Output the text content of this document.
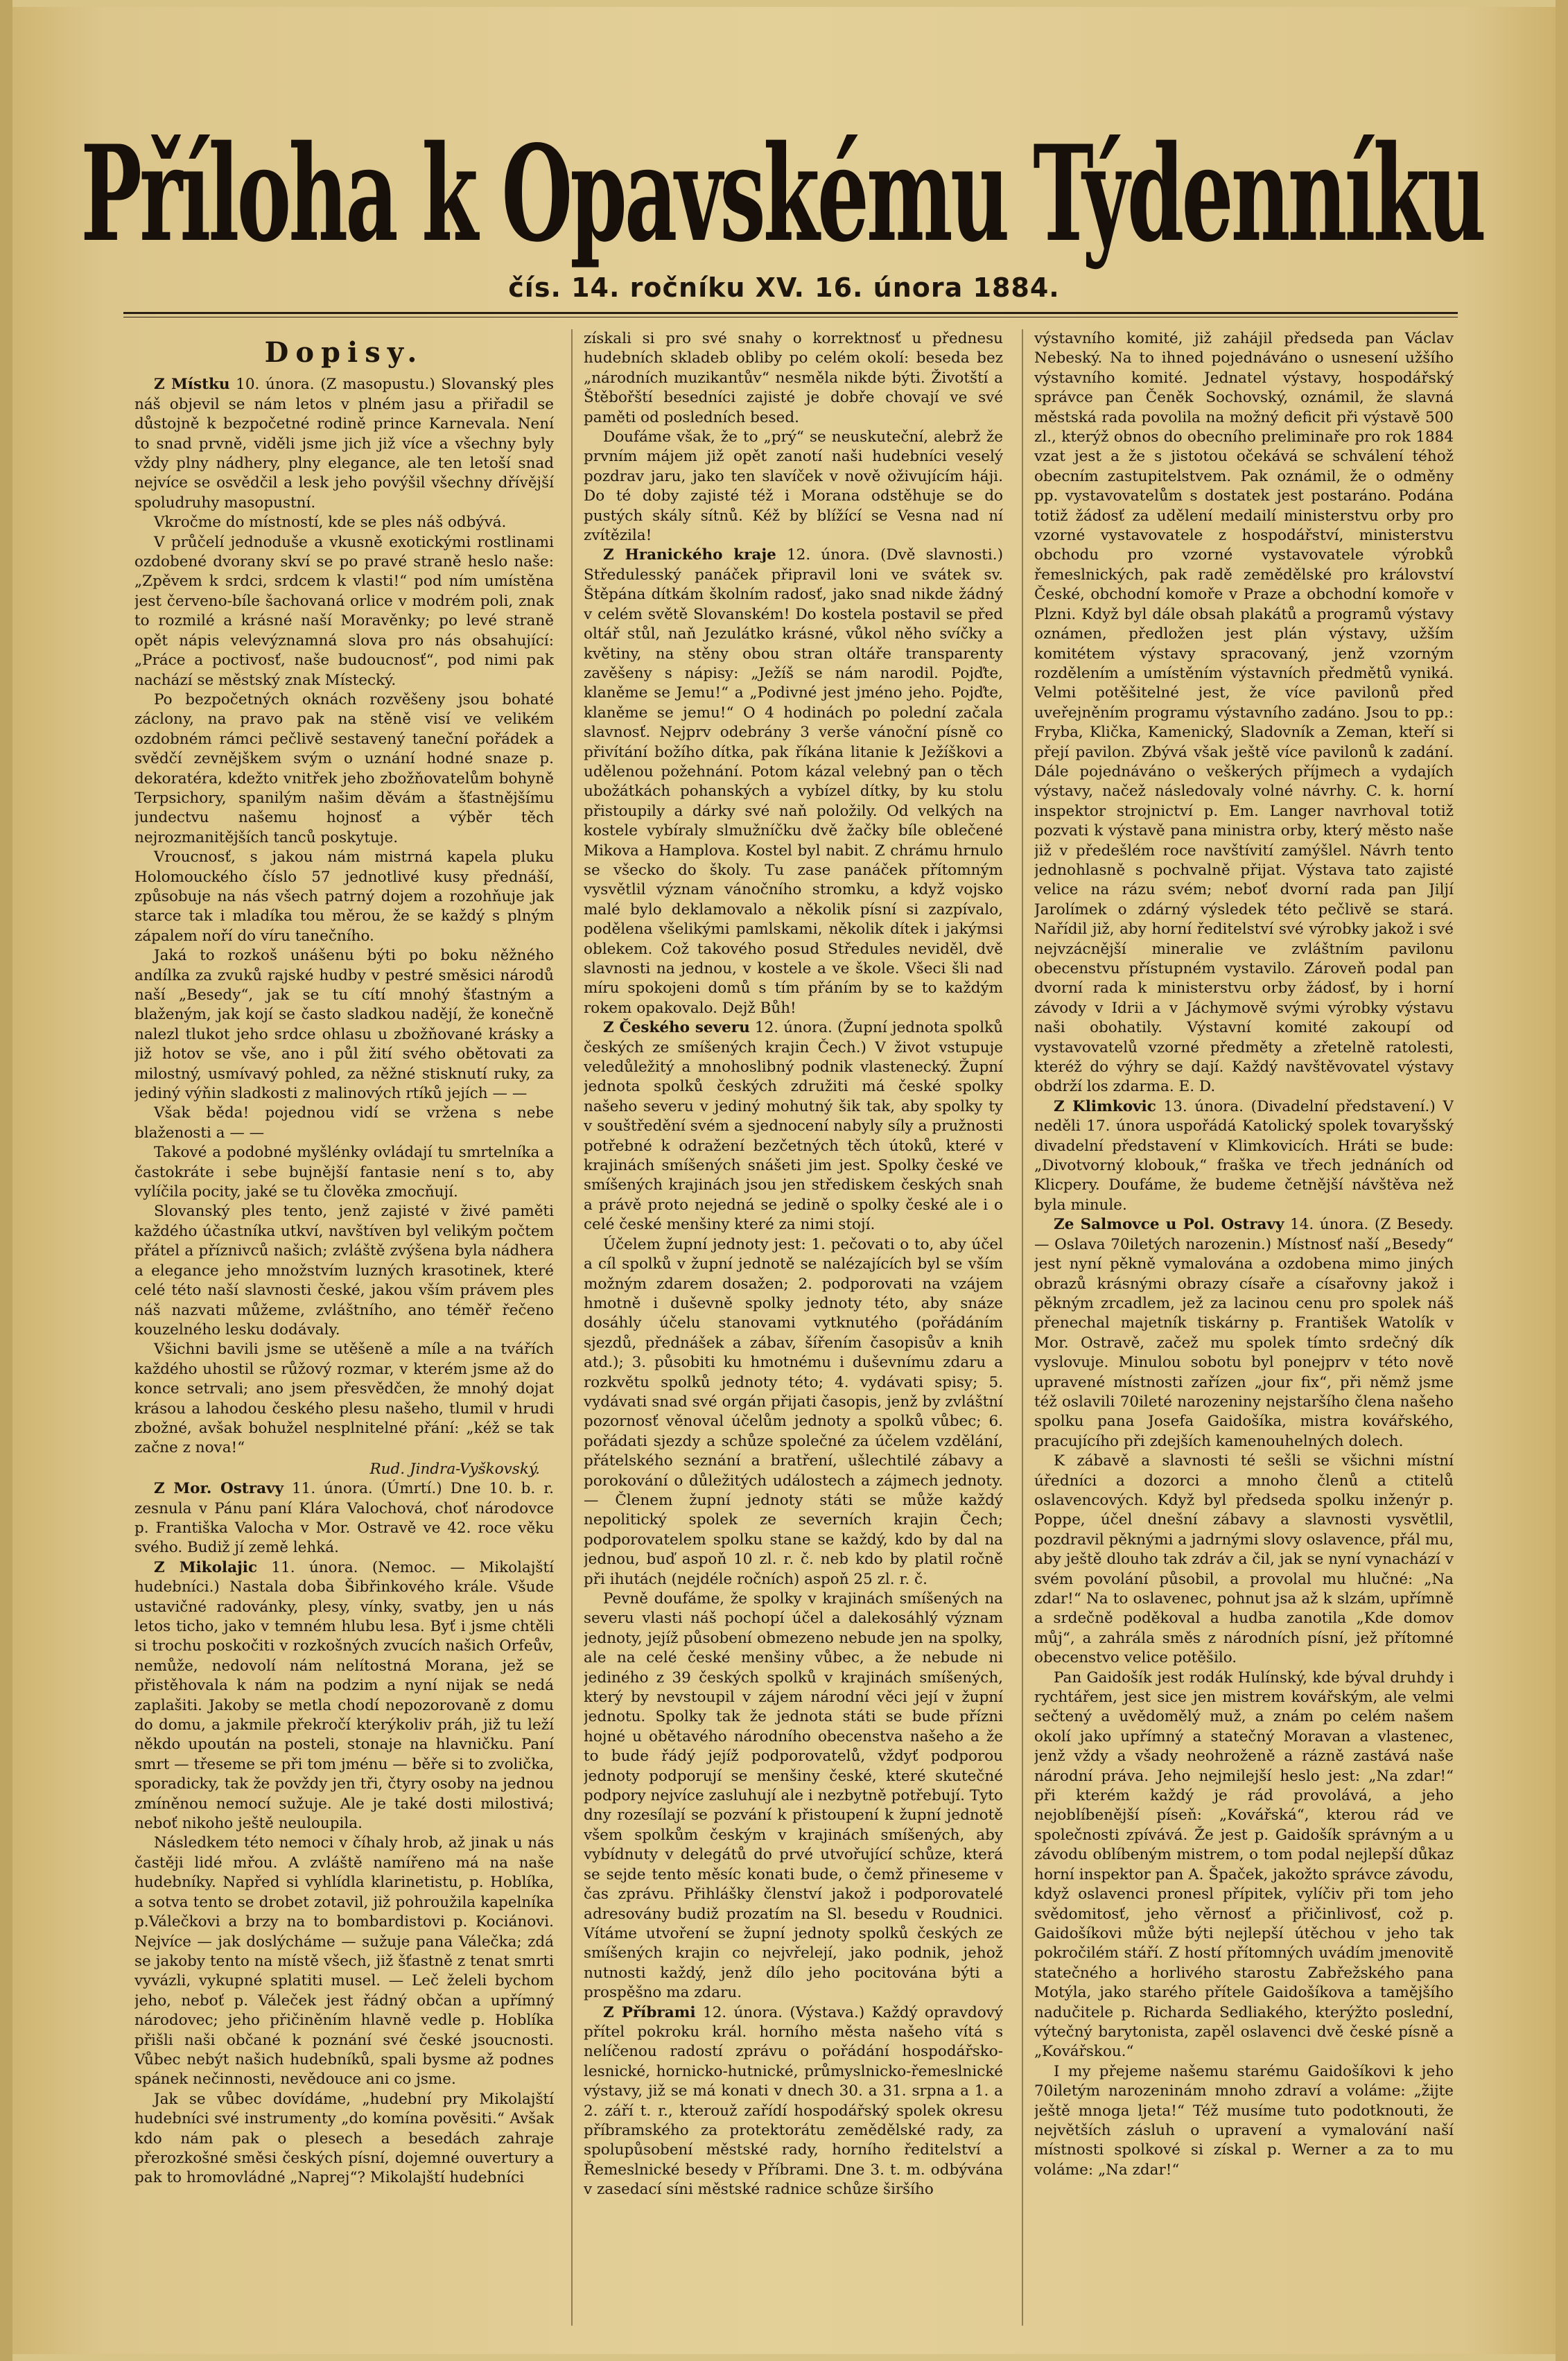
Příloha k Opavskému Týdenníku
čís. 14. ročníku XV. 16. února 1884.
Dopisy.

Z Místku 10. února. (Z masopustu.) Slovanský ples náš objevil se nám letos v plném jasu a přiřadil se důstojně k bezpočetné rodině prince Karnevala. Není to snad prvně, viděli jsme jich již více a všechny byly vždy plny nádhery, plny elegance, ale ten letoší snad nejvíce se osvědčil a lesk jeho povýšil všechny dřívější spoludruhy masopustní.

Vkročme do místností, kde se ples náš odbývá.

V průčelí jednoduše a vkusně exotickými rostlinami ozdobené dvorany skví se po pravé straně heslo naše: „Zpěvem k srdci, srdcem k vlasti!“ pod ním umístěna jest červeno-bíle šachovaná orlice v modrém poli, znak to rozmilé a krásné naší Moravěnky; po levé straně opět nápis velevýznamná slova pro nás obsahující: „Práce a poctivosť, naše budoucnosť“, pod nimi pak nachází se městský znak Místecký.

Po bezpočetných oknách rozvěšeny jsou bohaté záclony, na pravo pak na stěně visí ve velikém ozdobném rámci pečlivě sestavený taneční pořádek a svědčí zevnějškem svým o uznání hodné snaze p. dekoratéra, kdežto vnitřek jeho zbožňovatelům bohyně Terpsichory, spanilým našim děvám a šťastnějšímu jundectvu našemu hojnosť a výběr těch nejrozmanitějších tanců poskytuje.

Vroucnosť, s jakou nám mistrná kapela pluku Holomouckého číslo 57 jednotlivé kusy přednáší, způsobuje na nás všech patrný dojem a rozohňuje jak starce tak i mladíka tou měrou, že se každý s plným zápalem noří do víru tanečního.

Jaká to rozkoš unášenu býti po boku něžného andílka za zvuků rajské hudby v pestré směsici národů naší „Besedy“, jak se tu cítí mnohý šťastným a blaženým, jak kojí se často sladkou nadějí, že konečně nalezl tlukot jeho srdce ohlasu u zbožňované krásky a již hotov se vše, ano i půl žití svého obětovati za milostný, usmívavý pohled, za něžné stisknutí ruky, za jediný výňin sladkosti z malinových rtíků jejích — —

Však běda! pojednou vidí se vržena s nebe blaženosti a — —

Takové a podobné myšlénky ovládají tu smrtelníka a častokráte i sebe bujnější fantasie není s to, aby vylíčila pocity, jaké se tu člověka zmocňují.

Slovanský ples tento, jenž zajisté v živé paměti každého účastníka utkví, navštíven byl velikým počtem přátel a příznivců našich; zvláště zvýšena byla nádhera a elegance jeho množstvím luzných krasotinek, které celé této naší slavnosti české, jakou vším právem ples náš nazvati můžeme, zvláštního, ano téměř řečeno kouzelného lesku dodávaly.

Všichni bavili jsme se utěšeně a míle a na tvářích každého uhostil se růžový rozmar, v kterém jsme až do konce setrvali; ano jsem přesvědčen, že mnohý dojat krásou a lahodou českého plesu našeho, tlumil v hrudi zbožné, avšak bohužel nesplnitelné přání: „kéž se tak začne z nova!“

Rud. Jindra-Vyškovský.

Z Mor. Ostravy 11. února. (Úmrtí.) Dne 10. b. r. zesnula v Pánu paní Klára Valochová, choť národovce p. Františka Valocha v Mor. Ostravě ve 42. roce věku svého. Budiž jí země lehká.

Z Mikolajic 11. února. (Nemoc. — Mikolajští hudebníci.) Nastala doba Šibřinkového krále. Všude ustavičné radovánky, plesy, vínky, svatby, jen u nás letos ticho, jako v temném hlubu lesa. Byť i jsme chtěli si trochu poskočiti v rozkošných zvucích našich Orfeův, nemůže, nedovolí nám nelítostná Morana, jež se přistěhovala k nám na podzim a nyní nijak se nedá zaplašiti. Jakoby se metla chodí nepozorovaně z domu do domu, a jakmile překročí kterýkoliv práh, již tu leží někdo upoután na posteli, stonaje na hlavničku. Paní smrt — třeseme se při tom jménu — běře si to zvolička, sporadicky, tak že povždy jen tři, čtyry osoby na jednou zmíněnou nemocí sužuje. Ale je také dosti milostivá; neboť nikoho ještě neuloupila.

Následkem této nemoci v číhaly hrob, až jinak u nás častěji lidé mřou. A zvláště namířeno má na naše hudebníky. Napřed si vyhlídla klarinetistu, p. Hoblíka, a sotva tento se drobet zotavil, již pohroužila kapelníka p.Válečkovi a brzy na to bombardistovi p. Kociánovi. Nejvíce — jak doslýcháme — sužuje pana Válečka; zdá se jakoby tento na místě všech, již šťastně z tenat smrti vyvázli, vykupné splatiti musel. — Leč želeli bychom jeho, neboť p. Váleček jest řádný občan a upřímný národovec; jeho přičiněním hlavně vedle p. Hoblíka přišli naši občané k poznání své české jsoucnosti. Vůbec nebýt našich hudebníků, spali bysme až podnes spánek nečinnosti, nevědouce ani co jsme.

Jak se vůbec dovídáme, „hudební pry Mikolajští hudebníci své instrumenty „do komína pověsiti.“ Avšak kdo nám pak o plesech a besedách zahraje přerozkošné směsi českých písní, dojemné ouvertury a pak to hromovládné „Naprej“? Mikolajští hudebníci

získali si pro své snahy o korrektnosť u přednesu hudebních skladeb obliby po celém okolí: beseda bez „národních muzikantův“ nesměla nikde býti. Životští a Štěbořští besedníci zajisté je dobře chovají ve své paměti od posledních besed.

Doufáme však, že to „prý“ se neuskuteční, alebrž že prvním májem již opět zanotí naši hudebníci veselý pozdrav jaru, jako ten slavíček v nově oživujícím háji. Do té doby zajisté též i Morana odstěhuje se do pustých skály sítnů. Kéž by blížící se Vesna nad ní zvítězila!

Z Hranického kraje 12. února. (Dvě slavnosti.) Středulesský panáček připravil loni ve svátek sv. Štěpána dítkám školním radosť, jako snad nikde žádný v celém světě Slovanském! Do kostela postavil se před oltář stůl, naň Jezulátko krásné, vůkol něho svíčky a květiny, na stěny obou stran oltáře transparenty zavěšeny s nápisy: „Ježíš se nám narodil. Pojďte, klaněme se Jemu!“ a „Podivné jest jméno jeho. Pojďte, klaněme se jemu!“ O 4 hodinách po polední začala slavnosť. Nejprv odebrány 3 verše vánoční písně co přivítání božího dítka, pak říkána litanie k Ježíškovi a udělenou požehnání. Potom kázal velebný pan o těch ubožátkách pohanských a vybízel dítky, by ku stolu přistoupily a dárky své naň položily. Od velkých na kostele vybíraly slmužníčku dvě žačky bíle oblečené Mikova a Hamplova. Kostel byl nabit. Z chrámu hrnulo se všecko do školy. Tu zase panáček přítomným vysvětlil význam vánočního stromku, a když vojsko malé bylo deklamovalo a několik písní si zazpívalo, podělena všelikými pamlskami, několik dítek i jakýmsi oblekem. Což takového posud Středules neviděl, dvě slavnosti na jednou, v kostele a ve škole. Všeci šli nad míru spokojeni domů s tím přáním by se to každým rokem opakovalo. Dejž Bůh!

Z Českého severu 12. února. (Župní jednota spolků českých ze smíšených krajin Čech.) V život vstupuje veledůležitý a mnohoslibný podnik vlastenecký. Župní jednota spolků českých združiti má české spolky našeho severu v jediný mohutný šik tak, aby spolky ty v souštředění svém a sjednocení nabyly síly a pružnosti potřebné k odražení bezčetných těch útoků, které v krajinách smíšených snášeti jim jest. Spolky české ve smíšených krajinách jsou jen střediskem českých snah a právě proto nejedná se jedině o spolky české ale i o celé české menšiny které za nimi stojí.

Účelem župní jednoty jest: 1. pečovati o to, aby účel a cíl spolků v župní jednotě se nalézajících byl se vším možným zdarem dosažen; 2. podporovati na vzájem hmotně i duševně spolky jednoty této, aby snáze dosáhly účelu stanovami vytknutého (pořádáním sjezdů, přednášek a zábav, šířením časopisův a knih atd.); 3. působiti ku hmotnému i duševnímu zdaru a rozkvětu spolků jednoty této; 4. vydávati spisy; 5. vydávati snad své orgán přijati časopis, jenž by zvláštní pozornosť věnoval účelům jednoty a spolků vůbec; 6. pořádati sjezdy a schůze společné za účelem vzdělání, přátelského seznání a bratření, ušlechtilé zábavy a porokování o důležitých událostech a zájmech jednoty. — Členem župní jednoty státi se může každý nepolitický spolek ze severních krajin Čech; podporovatelem spolku stane se každý, kdo by dal na jednou, buď aspoň 10 zl. r. č. neb kdo by platil ročně při ihutách (nejdéle ročních) aspoň 25 zl. r. č.

Pevně doufáme, že spolky v krajinách smíšených na severu vlasti náš pochopí účel a dalekosáhlý význam jednoty, jejíž působení obmezeno nebude jen na spolky, ale na celé české menšiny vůbec, a že nebude ni jediného z 39 českých spolků v krajinách smíšených, který by nevstoupil v zájem národní věci její v župní jednotu. Spolky tak že jednota státi se bude přízni hojné u obětavého národního obecenstva našeho a že to bude řádý jejíž podporovatelů, vždyť podporou jednoty podporují se menšiny české, které skutečné podpory nejvíce zasluhují ale i nezbytně potřebují. Tyto dny rozesílají se pozvání k přistoupení k župní jednotě všem spolkům českým v krajinách smíšených, aby vybídnuty v delegátů do prvé utvořující schůze, která se sejde tento měsíc konati bude, o čemž přineseme v čas zprávu. Přihlášky členství jakož i podporovatelé adresovány budiž prozatím na Sl. besedu v Roudnici. Vítáme utvoření se župní jednoty spolků českých ze smíšených krajin co nejvřelejí, jako podnik, jehož nutnosti každý, jenž dílo jeho pocitována býti a prospěšno ma zdaru.

Z Příbrami 12. února. (Výstava.) Každý opravdový přítel pokroku král. horního města našeho vítá s nelíčenou radostí zprávu o pořádání hospodářsko-lesnické, hornicko-hutnické, průmyslnicko-řemeslnické výstavy, již se má konati v dnech 30. a 31. srpna a 1. a 2. září t. r., kterouž zařídí hospodářský spolek okresu příbramského za protektorátu zemědělské rady, za spolupůsobení městské rady, horního ředitelství a Řemeslnické besedy v Příbrami. Dne 3. t. m. odbývána v zasedací síni městské radnice schůze širšího

výstavního komité, již zahájil předseda pan Václav Nebeský. Na to ihned pojednáváno o usnesení užšího výstavního komité. Jednatel výstavy, hospodářský správce pan Čeněk Sochovský, oznámil, že slavná městská rada povolila na možný deficit při výstavě 500 zl., kterýž obnos do obecního preliminaře pro rok 1884 vzat jest a že s jistotou očekává se schválení téhož obecním zastupitelstvem. Pak oznámil, že o odměny pp. vystavovatelům s dostatek jest postaráno. Podána totiž žádosť za udělení medailí ministerstvu orby pro vzorné vystavovatele z hospodářství, ministerstvu obchodu pro vzorné vystavovatele výrobků řemeslnických, pak radě zemědělské pro království České, obchodní komoře v Praze a obchodní komoře v Plzni. Když byl dále obsah plakátů a programů výstavy oznámen, předložen jest plán výstavy, užším komitétem výstavy spracovaný, jenž vzorným rozdělením a umístěním výstavních předmětů vyniká. Velmi potěšitelné jest, že více pavilonů před uveřejněním programu výstavního zadáno. Jsou to pp.: Fryba, Klička, Kamenický, Sladovník a Zeman, kteří si přejí pavilon. Zbývá však ještě více pavilonů k zadání. Dále pojednáváno o veškerých příjmech a vydajích výstavy, načež následovaly volné návrhy. C. k. horní inspektor strojnictví p. Em. Langer navrhoval totiž pozvati k výstavě pana ministra orby, který město naše již v předešlém roce navštívití zamýšlel. Návrh tento jednohlasně s pochvalně přijat. Výstava tato zajisté velice na rázu svém; neboť dvorní rada pan Jiljí Jarolímek o zdárný výsledek této pečlivě se stará. Nařídil již, aby horní ředitelství své výrobky jakož i své nejvzácnější mineralie ve zvláštním pavilonu obecenstvu přístupném vystavilo. Zároveň podal pan dvorní rada k ministerstvu orby žádosť, by i horní závody v Idrii a v Jáchymově svými výrobky výstavu naši obohatily. Výstavní komité zakoupí od vystavovatelů vzorné předměty a zřetelně ratolesti, kteréž do výhry se dají. Každý navštěvovatel výstavy obdrží los zdarma. E. D.

Z Klimkovic 13. února. (Divadelní představení.) V neděli 17. února uspořádá Katolický spolek tovaryšský divadelní představení v Klimkovicích. Hráti se bude: „Divotvorný klobouk,“ fraška ve třech jednáních od Klicpery. Doufáme, že budeme četnější návštěva než byla minule.

Ze Salmovce u Pol. Ostravy 14. února. (Z Besedy. — Oslava 70iletých narozenin.) Místnosť naší „Besedy“ jest nyní pěkně vymalována a ozdobena mimo jiných obrazů krásnými obrazy císaře a císařovny jakož i pěkným zrcadlem, jež za lacinou cenu pro spolek náš přenechal majetník tiskárny p. František Watolík v Mor. Ostravě, začež mu spolek tímto srdečný dík vyslovuje. Minulou sobotu byl ponejprv v této nově upravené místnosti zařízen „jour fix“, při němž jsme též oslavili 70ileté narozeniny nejstaršího člena našeho spolku pana Josefa Gaidošíka, mistra kovářského, pracujícího při zdejších kamenouhelných dolech.

K zábavě a slavnosti té sešli se všichni místní úředníci a dozorci a mnoho členů a ctitelů oslavencových. Když byl předseda spolku inženýr p. Poppe, účel dnešní zábavy a slavnosti vysvětlil, pozdravil pěknými a jadrnými slovy oslavence, přál mu, aby ještě dlouho tak zdráv a čil, jak se nyní vynachází v svém povolání působil, a provolal mu hlučné: „Na zdar!“ Na to oslavenec, pohnut jsa až k slzám, upřímně a srdečně poděkoval a hudba zanotila „Kde domov můj“, a zahrála směs z národních písní, jež přítomné obecenstvo velice potěšilo.

Pan Gaidošík jest rodák Hulínský, kde býval druhdy i rychtářem, jest sice jen mistrem kovářským, ale velmi sečtený a uvědomělý muž, a znám po celém našem okolí jako upřímný a statečný Moravan a vlastenec, jenž vždy a všady neohroženě a rázně zastává naše národní práva. Jeho nejmilejší heslo jest: „Na zdar!“ při kterém každý je rád provolává, a jeho nejoblíbenější píseň: „Kovářská“, kterou rád ve společnosti zpívává. Že jest p. Gaidošík správným a u závodu oblíbeným mistrem, o tom podal nejlepší důkaz horní inspektor pan A. Špaček, jakožto správce závodu, když oslavenci pronesl přípitek, vylíčiv při tom jeho svědomitosť, jeho věrnosť a přičinlivosť, což p. Gaidošíkovi může býti nejlepší útěchou v jeho tak pokročilém stáří. Z hostí přítomných uvádím jmenovitě statečného a horlivého starostu Zabřežského pana Motýla, jako starého přítele Gaidošíkova a tamějšího nadučitele p. Richarda Sedliakého, kterýžto poslední, výtečný barytonista, zapěl oslavenci dvě české písně a „Kovářskou.“

I my přejeme našemu starému Gaidošíkovi k jeho 70iletým narozeninám mnoho zdraví a voláme: „žijte ještě mnoga ljeta!“ Též musíme tuto podotknouti, že největších zásluh o upravení a vymalování naší místnosti spolkové si získal p. Werner a za to mu voláme: „Na zdar!“
